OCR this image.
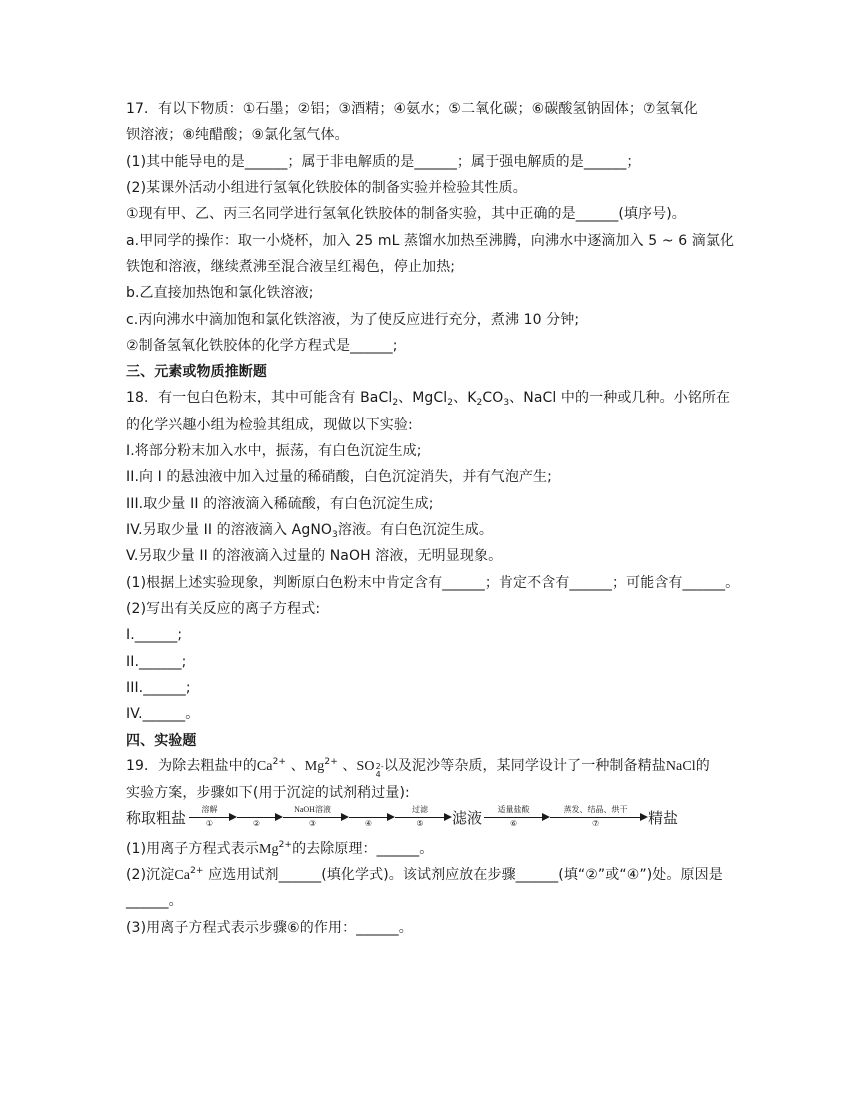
17．有以下物质：①石墨；②铝；③酒精；④氨水；⑤二氧化碳；⑥碳酸氢钠固体；⑦氢氧化
钡溶液；⑧纯醋酸；⑨氯化氢气体。
(1)其中能导电的是______；属于非电解质的是______；属于强电解质的是______；
(2)某课外活动小组进行氢氧化铁胶体的制备实验并检验其性质。
①现有甲、乙、丙三名同学进行氢氧化铁胶体的制备实验，其中正确的是______(填序号)。
a.甲同学的操作：取一小烧杯，加入 25 mL 蒸馏水加热至沸腾，向沸水中逐滴加入 5 ~ 6 滴氯化
铁饱和溶液，继续煮沸至混合液呈红褐色，停止加热;
b.乙直接加热饱和氯化铁溶液;
c.丙向沸水中滴加饱和氯化铁溶液，为了使反应进行充分，煮沸 10 分钟;
②制备氢氧化铁胶体的化学方程式是______;
三、元素或物质推断题
18．有一包白色粉末，其中可能含有 BaCl$_2$、MgCl$_2$、$K_2CO_3$、NaCl 中的一种或几种。小铭所在
的化学兴趣小组为检验其组成，现做以下实验:
I.将部分粉末加入水中，振荡，有白色沉淀生成;
II.向 I 的悬浊液中加入过量的稀硝酸，白色沉淀消失，并有气泡产生;
III.取少量 II 的溶液滴入稀硫酸，有白色沉淀生成;
IV.另取少量 II 的溶液滴入 AgNO$_3$溶液。有白色沉淀生成。
V.另取少量 II 的溶液滴入过量的 NaOH 溶液，无明显现象。
(1)根据上述实验现象，判断原白色粉末中肯定含有______；肯定不含有______；可能含有______。
(2)写出有关反应的离子方程式:
I.______;
II.______;
III.______;
IV.______。
四、实验题
19．为除去粗盐中的$Ca^{2+}$ 、$Mg^{2+}$ 、SO 2-
4
以及泥沙等杂质，某同学设计了一种制备精盐NaCl的
实验方案，步骤如下(用于沉淀的试剂稍过量):
称取粗盐
溶解
①	②
NaOH溶液
③	④
过滤
⑤	滤液
适量盐酸
⑥
蒸发、结晶、烘干
⑦	精盐
(1)用离子方程式表示$Mg^{2+}$的去除原理：______。
(2)沉淀$Ca^{2+}$ 应选用试剂______(填化学式)。该试剂应放在步骤______(填“②”或“④”)处。原因是
______。
(3)用离子方程式表示步骤⑥的作用：______。
